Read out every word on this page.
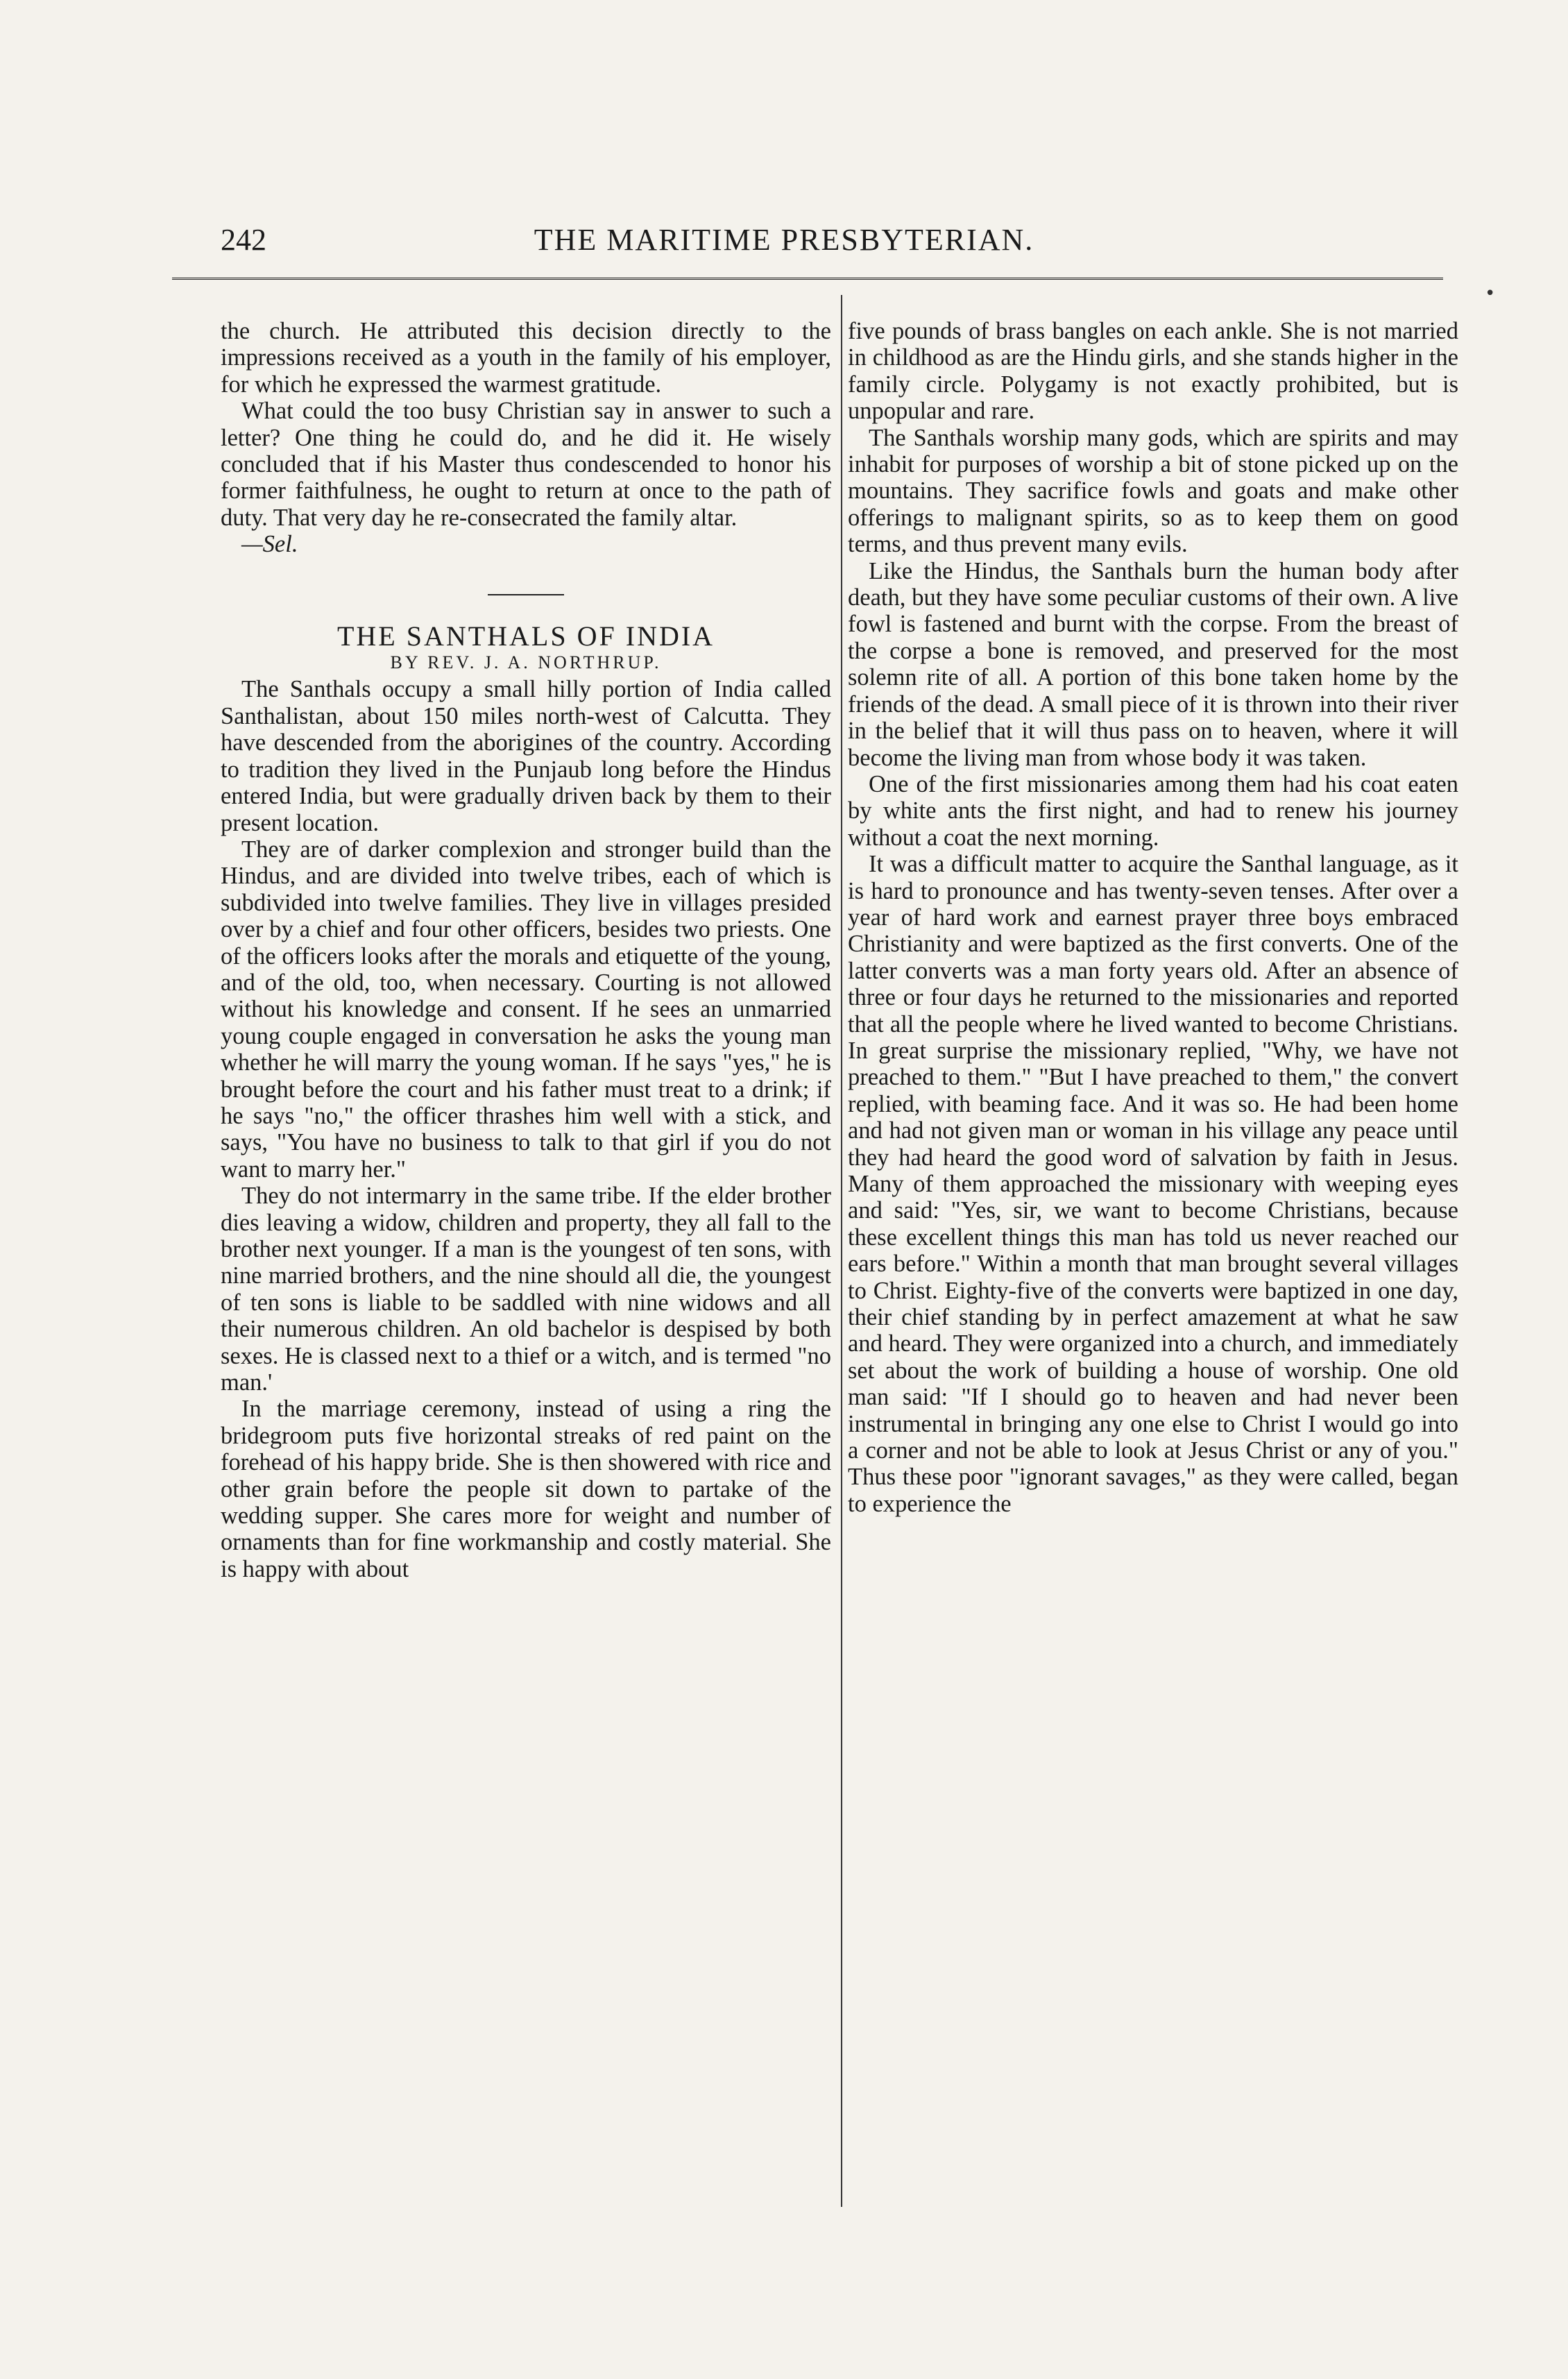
242	THE MARITIME PRESBYTERIAN.
•

the church. He attributed this decision directly to the impressions received as a youth in the family of his employer, for which he expressed the warmest gratitude.

What could the too busy Christian say in answer to such a letter? One thing he could do, and he did it. He wisely concluded that if his Master thus condescended to honor his former faithfulness, he ought to return at once to the path of duty. That very day he re-consecrated the family altar.

—Sel.

THE SANTHALS OF INDIA

BY REV. J. A. NORTHRUP.

The Santhals occupy a small hilly portion of India called Santhalistan, about 150 miles north-west of Calcutta. They have descended from the aborigines of the country. According to tradition they lived in the Punjaub long before the Hindus entered India, but were gradually driven back by them to their present location.

They are of darker complexion and stronger build than the Hindus, and are divided into twelve tribes, each of which is subdivided into twelve families. They live in villages presided over by a chief and four other officers, besides two priests. One of the officers looks after the morals and etiquette of the young, and of the old, too, when necessary. Courting is not allowed without his knowledge and consent. If he sees an unmarried young couple engaged in conversation he asks the young man whether he will marry the young woman. If he says "yes," he is brought before the court and his father must treat to a drink; if he says "no," the officer thrashes him well with a stick, and says, "You have no business to talk to that girl if you do not want to marry her."

They do not intermarry in the same tribe. If the elder brother dies leaving a widow, children and property, they all fall to the brother next younger. If a man is the youngest of ten sons, with nine married brothers, and the nine should all die, the youngest of ten sons is liable to be saddled with nine widows and all their numerous children. An old bachelor is despised by both sexes. He is classed next to a thief or a witch, and is termed "no man.'

In the marriage ceremony, instead of using a ring the bridegroom puts five horizontal streaks of red paint on the forehead of his happy bride. She is then showered with rice and other grain before the people sit down to partake of the wedding supper. She cares more for weight and number of ornaments than for fine workmanship and costly material. She is happy with about

five pounds of brass bangles on each ankle. She is not married in childhood as are the Hindu girls, and she stands higher in the family circle. Polygamy is not exactly prohibited, but is unpopular and rare.

The Santhals worship many gods, which are spirits and may inhabit for purposes of worship a bit of stone picked up on the mountains. They sacrifice fowls and goats and make other offerings to malignant spirits, so as to keep them on good terms, and thus prevent many evils.

Like the Hindus, the Santhals burn the human body after death, but they have some peculiar customs of their own. A live fowl is fastened and burnt with the corpse. From the breast of the corpse a bone is removed, and preserved for the most solemn rite of all. A portion of this bone taken home by the friends of the dead. A small piece of it is thrown into their river in the belief that it will thus pass on to heaven, where it will become the living man from whose body it was taken.

One of the first missionaries among them had his coat eaten by white ants the first night, and had to renew his journey without a coat the next morning.

It was a difficult matter to acquire the Santhal language, as it is hard to pronounce and has twenty-seven tenses. After over a year of hard work and earnest prayer three boys embraced Christianity and were baptized as the first converts. One of the latter converts was a man forty years old. After an absence of three or four days he returned to the missionaries and reported that all the people where he lived wanted to become Christians. In great surprise the missionary replied, "Why, we have not preached to them." "But I have preached to them," the convert replied, with beaming face. And it was so. He had been home and had not given man or woman in his village any peace until they had heard the good word of salvation by faith in Jesus. Many of them approached the missionary with weeping eyes and said: "Yes, sir, we want to become Christians, because these excellent things this man has told us never reached our ears before." Within a month that man brought several villages to Christ. Eighty-five of the converts were baptized in one day, their chief standing by in perfect amazement at what he saw and heard. They were organized into a church, and immediately set about the work of building a house of worship. One old man said: "If I should go to heaven and had never been instrumental in bringing any one else to Christ I would go into a corner and not be able to look at Jesus Christ or any of you." Thus these poor "ignorant savages," as they were called, began to experience the
